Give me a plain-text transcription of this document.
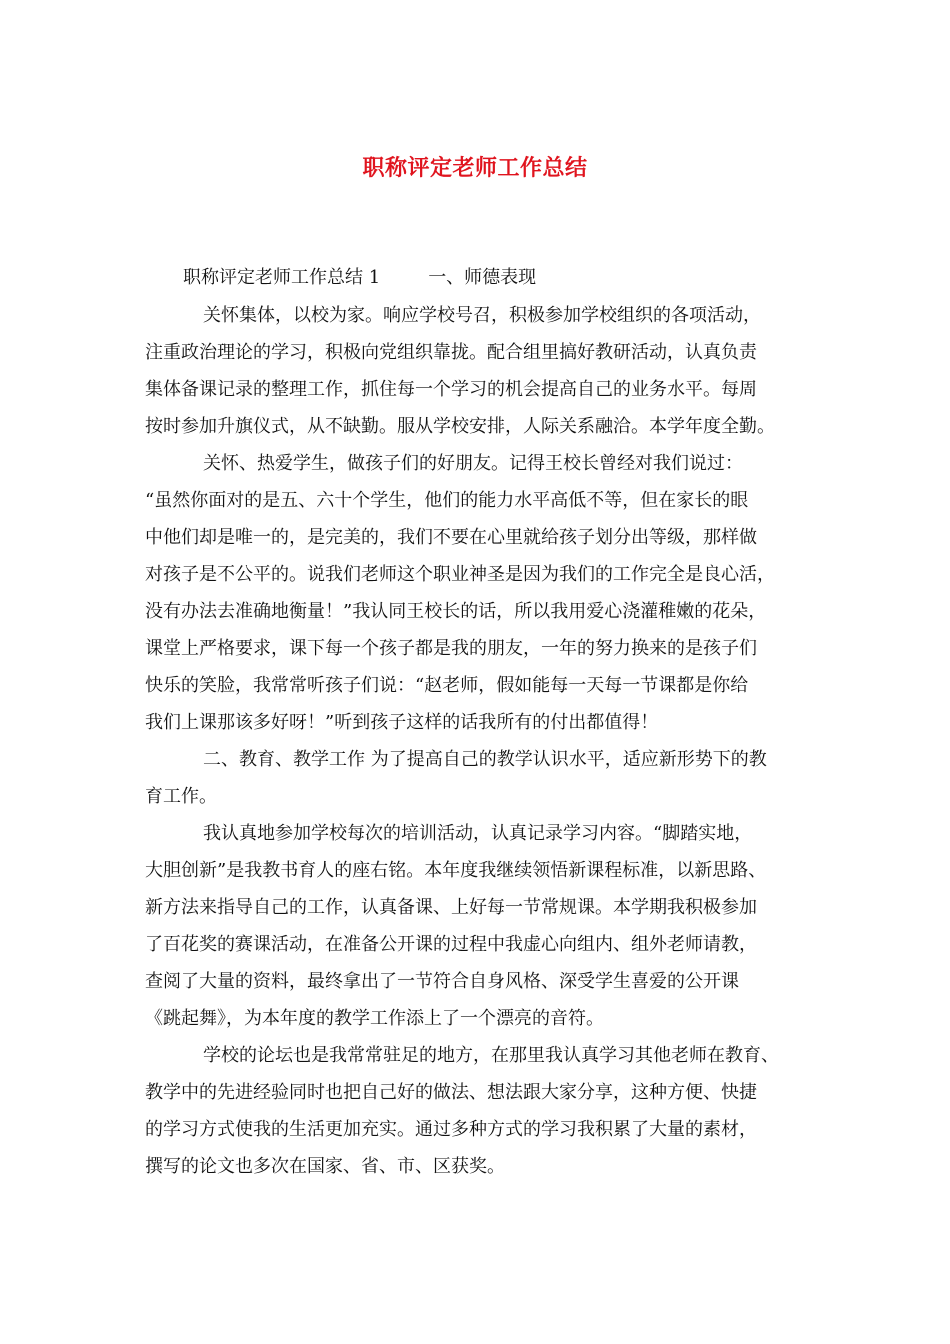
职称评定老师工作总结
职称评定老师工作总结 1	一、师德表现
关怀集体，以校为家。响应学校号召，积极参加学校组织的各项活动，
注重政治理论的学习，积极向党组织靠拢。配合组里搞好教研活动，认真负责
集体备课记录的整理工作，抓住每一个学习的机会提高自己的业务水平。每周
按时参加升旗仪式，从不缺勤。服从学校安排，人际关系融洽。本学年度全勤。
关怀、热爱学生，做孩子们的好朋友。记得王校长曾经对我们说过：
“虽然你面对的是五、六十个学生，他们的能力水平高低不等，但在家长的眼
中他们却是唯一的，是完美的，我们不要在心里就给孩子划分出等级，那样做
对孩子是不公平的。说我们老师这个职业神圣是因为我们的工作完全是良心活，
没有办法去准确地衡量！”我认同王校长的话，所以我用爱心浇灌稚嫩的花朵，
课堂上严格要求，课下每一个孩子都是我的朋友，一年的努力换来的是孩子们
快乐的笑脸，我常常听孩子们说：“赵老师，假如能每一天每一节课都是你给
我们上课那该多好呀！”听到孩子这样的话我所有的付出都值得！
二、教育、教学工作 为了提高自己的教学认识水平，适应新形势下的教
育工作。
我认真地参加学校每次的培训活动，认真记录学习内容。“脚踏实地，
大胆创新”是我教书育人的座右铭。本年度我继续领悟新课程标准，以新思路、
新方法来指导自己的工作，认真备课、上好每一节常规课。本学期我积极参加
了百花奖的赛课活动，在准备公开课的过程中我虚心向组内、组外老师请教，
查阅了大量的资料，最终拿出了一节符合自身风格、深受学生喜爱的公开课
《跳起舞》，为本年度的教学工作添上了一个漂亮的音符。
学校的论坛也是我常常驻足的地方，在那里我认真学习其他老师在教育、
教学中的先进经验同时也把自己好的做法、想法跟大家分享，这种方便、快捷
的学习方式使我的生活更加充实。通过多种方式的学习我积累了大量的素材，
撰写的论文也多次在国家、省、市、区获奖。
